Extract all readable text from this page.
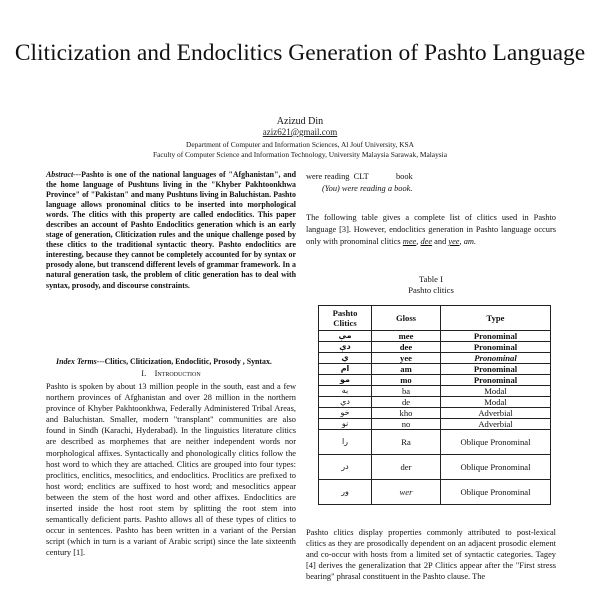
Cliticization and Endoclitics Generation of Pashto Language
Azizud Din
aziz621@gmail.com
Department of Computer and Information Sciences, Al Jouf University, KSA
Faculty of Computer Science and Information Technology, University Malaysia Sarawak, Malaysia
Abstract---Pashto is one of the national languages of "Afghanistan", and the home language of Pushtuns living in the "Khyber Pakhtoonkhwa Province" of "Pakistan" and many Pushtuns living in Baluchistan. Pashto language allows pronominal clitics to be inserted into morphological words. The clitics with this property are called endoclitics. This paper describes an account of Pashto Endoclitics generation which is an early stage of generation, Cliticization rules and the unique challenge posed by these clitics to the traditional syntactic theory. Pashto endoclitics are interesting, because they cannot be completely accounted for by syntax or prosody alone, but transcend different levels of grammar framework. In a natural generation task, the problem of clitic generation has to deal with syntax, prosody, and discourse constraints.
Index Terms---Clitics, Cliticization, Endoclitic, Prosody , Syntax.
I. Introduction
Pashto is spoken by about 13 million people in the south, east and a few northern provinces of Afghanistan and over 28 million in the northern province of Khyber Pakhtoonkhwa, Federally Administered Tribal Areas, and Baluchistan. Smaller, modern "transplant" communities are also found in Sindh (Karachi, Hyderabad). In the linguistics literature clitics are described as morphemes that are neither independent words nor morphological affixes. Syntactically and phonologically clitics follow the host word to which they are attached. Clitics are grouped into four types: proclitics, enclitics, mesoclitics, and endoclitics. Proclitics are prefixed to host word; enclitics are suffixed to host word; and mesoclitics appear between the stem of the host word and other affixes. Endoclitics are inserted inside the host root stem by splitting the root stem into semantically deficient parts. Pashto allows all of these types of clitics to occur in sentences. Pashto has been written in a variant of the Persian script (which in turn is a variant of Arabic script) since the late sixteenth century [1].
were reading CLT	book
(You) were reading a book.
The following table gives a complete list of clitics used in Pashto language [3]. However, endoclitics generation in Pashto language occurs only with pronominal clitics mee, dee and yee, am.
Table I
Pashto clitics
Pashto Clitics	Gloss	Type
مې	mee	Pronominal
دې	dee	Pronominal
ي	yee	Pronominal
ام	am	Pronominal
مو	mo	Pronominal
به	ba	Modal
دي	de	Modal
خو	kho	Adverbial
نو	no	Adverbial
را	Ra	Oblique Pronominal
در	der	Oblique Pronominal
ور	wer	Oblique Pronominal
Pashto clitics display properties commonly attributed to post-lexical clitics as they are prosodically dependent on an adjacent prosodic element and co-occur with hosts from a limited set of syntactic categories. Tagey [4] derives the generalization that 2P Clitics appear after the "First stress bearing" phrasal constituent in the Pashto clause. The
